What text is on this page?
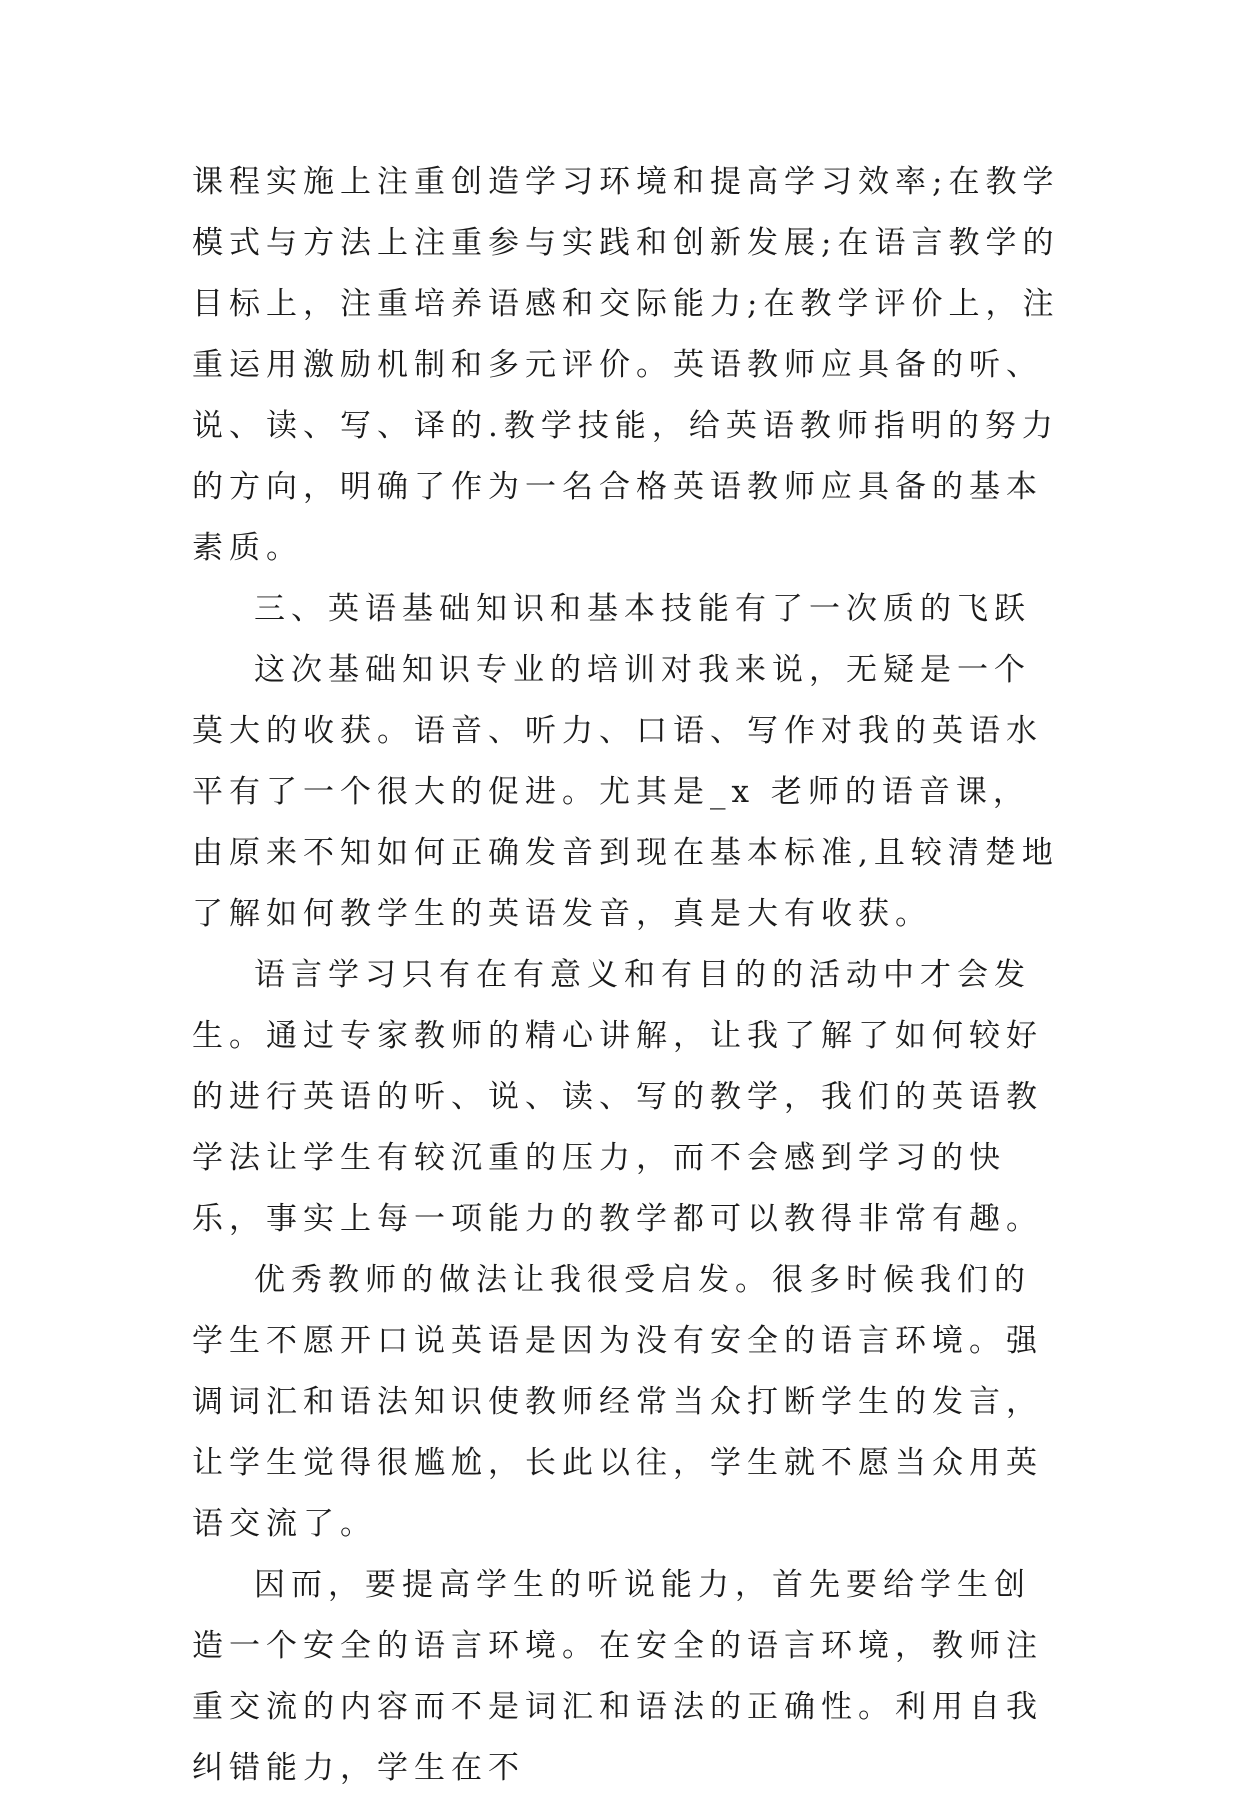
课程实施上注重创造学习环境和提高学习效率;在教学模式与方法上注重参与实践和创新发展;在语言教学的目标上，注重培养语感和交际能力;在教学评价上，注重运用激励机制和多元评价。英语教师应具备的听、说、读、写、译的.教学技能，给英语教师指明的努力的方向，明确了作为一名合格英语教师应具备的基本素质。

三、英语基础知识和基本技能有了一次质的飞跃

这次基础知识专业的培训对我来说，无疑是一个莫大的收获。语音、听力、口语、写作对我的英语水平有了一个很大的促进。尤其是_x 老师的语音课，由原来不知如何正确发音到现在基本标准,且较清楚地了解如何教学生的英语发音，真是大有收获。

语言学习只有在有意义和有目的的活动中才会发生。通过专家教师的精心讲解，让我了解了如何较好的进行英语的听、说、读、写的教学，我们的英语教学法让学生有较沉重的压力，而不会感到学习的快乐，事实上每一项能力的教学都可以教得非常有趣。

优秀教师的做法让我很受启发。很多时候我们的学生不愿开口说英语是因为没有安全的语言环境。强调词汇和语法知识使教师经常当众打断学生的发言，让学生觉得很尴尬，长此以往，学生就不愿当众用英语交流了。

因而，要提高学生的听说能力，首先要给学生创造一个安全的语言环境。在安全的语言环境，教师注重交流的内容而不是词汇和语法的正确性。利用自我纠错能力，学生在不
